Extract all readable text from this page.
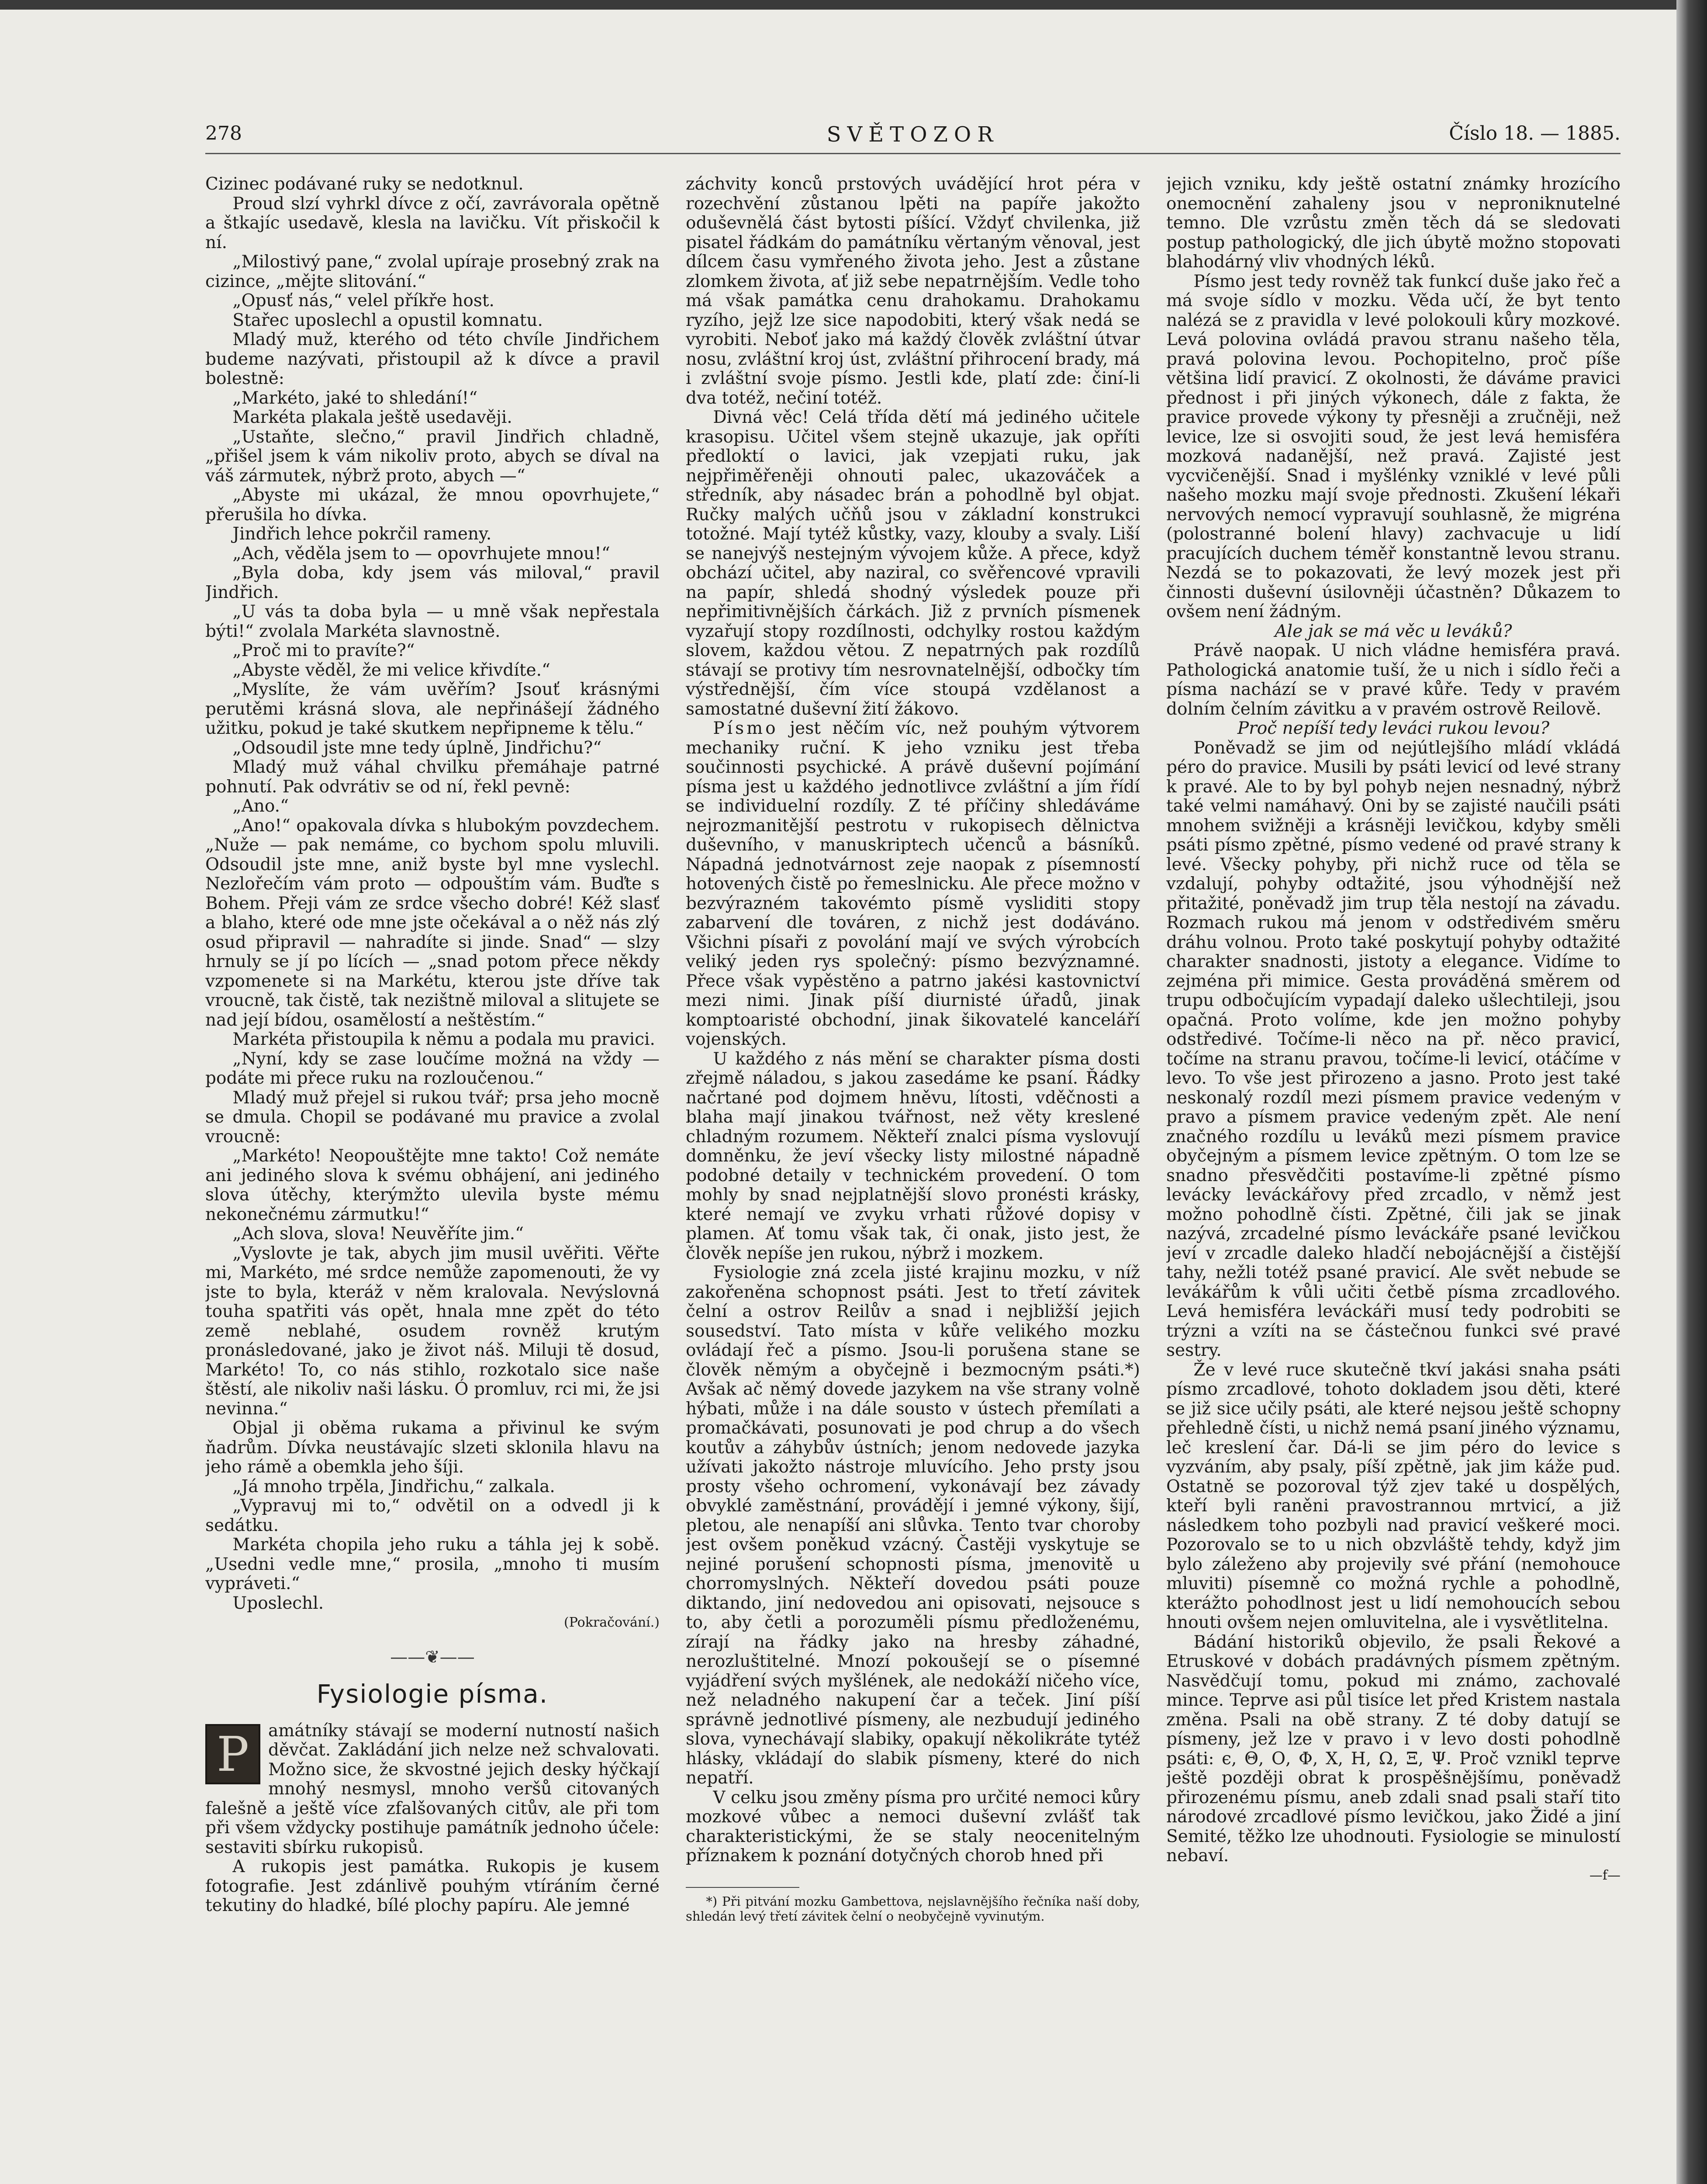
278	SVĚTOZOR	Číslo 18. — 1885.

Cizinec podávané ruky se nedotknul.

Proud slzí vyhrkl dívce z očí, zavrávorala opětně a štkajíc usedavě, klesla na lavičku. Vít přiskočil k ní.

„Milostivý pane,“ zvolal upíraje prosebný zrak na cizince, „mějte slitování.“

„Opusť nás,“ velel příkře host.

Stařec uposlechl a opustil komnatu.

Mladý muž, kterého od této chvíle Jindřichem budeme nazývati, přistoupil až k dívce a pravil bolestně:

„Markéto, jaké to shledání!“

Markéta plakala ještě usedavěji.

„Ustaňte, slečno,“ pravil Jindřich chladně, „přišel jsem k vám nikoliv proto, abych se díval na váš zármutek, nýbrž proto, abych —“

„Abyste mi ukázal, že mnou opovrhujete,“ přerušila ho dívka.

Jindřich lehce pokrčil rameny.

„Ach, věděla jsem to — opovrhujete mnou!“

„Byla doba, kdy jsem vás miloval,“ pravil Jindřich.

„U vás ta doba byla — u mně však nepřestala býti!“ zvolala Markéta slavnostně.

„Proč mi to pravíte?“

„Abyste věděl, že mi velice křivdíte.“

„Myslíte, že vám uvěřím? Jsouť krásnými perutěmi krásná slova, ale nepřinášejí žádného užitku, pokud je také skutkem nepřipneme k tělu.“

„Odsoudil jste mne tedy úplně, Jindřichu?“

Mladý muž váhal chvilku přemáhaje patrné pohnutí. Pak odvrátiv se od ní, řekl pevně:

„Ano.“

„Ano!“ opakovala dívka s hlubokým povzdechem. „Nuže — pak nemáme, co bychom spolu mluvili. Odsoudil jste mne, aniž byste byl mne vyslechl. Nezlořečím vám proto — odpouštím vám. Buďte s Bohem. Přeji vám ze srdce všecho dobré! Kéž slasť a blaho, které ode mne jste očekával a o něž nás zlý osud připravil — nahradíte si jinde. Snad“ — slzy hrnuly se jí po lících — „snad potom přece někdy vzpomenete si na Markétu, kterou jste dříve tak vroucně, tak čistě, tak nezištně miloval a slitujete se nad její bídou, osamělostí a neštěstím.“

Markéta přistoupila k němu a podala mu pravici.

„Nyní, kdy se zase loučíme možná na vždy — podáte mi přece ruku na rozloučenou.“

Mladý muž přejel si rukou tvář; prsa jeho mocně se dmula. Chopil se podávané mu pravice a zvolal vroucně:

„Markéto! Neopouštějte mne takto! Což nemáte ani jediného slova k svému obhájení, ani jediného slova útěchy, kterýmžto ulevila byste mému nekonečnému zármutku!“

„Ach slova, slova! Neuvěříte jim.“

„Vyslovte je tak, abych jim musil uvěřiti. Věřte mi, Markéto, mé srdce nemůže zapomenouti, že vy jste to byla, kteráž v něm kralovala. Nevýslovná touha spatřiti vás opět, hnala mne zpět do této země neblahé, osudem rovněž krutým pronásledované, jako je život náš. Miluji tě dosud, Markéto! To, co nás stihlo, rozkotalo sice naše štěstí, ale nikoliv naši lásku. Ó promluv, rci mi, že jsi nevinna.“

Objal ji oběma rukama a přivinul ke svým ňadrům. Dívka neustávajíc slzeti sklonila hlavu na jeho rámě a obemkla jeho šíji.

„Já mnoho trpěla, Jindřichu,“ zalkala.

„Vypravuj mi to,“ odvětil on a odvedl ji k sedátku.

Markéta chopila jeho ruku a táhla jej k sobě. „Usedni vedle mne,“ prosila, „mnoho ti musím vypráveti.“

Uposlechl.

(Pokračování.)

——❦——
Fysiologie písma.
P	amátníky stávají se moderní nutností našich děvčat. Zakládání jich nelze než schvalovati. Možno sice, že skvostné jejich desky hýčkají mnohý nesmysl, mnoho veršů citovaných falešně a ještě více zfalšovaných citův, ale při tom při všem vždycky postihuje památník jednoho účele: sestaviti sbírku rukopisů.

A rukopis jest památka. Rukopis je kusem fotografie. Jest zdánlivě pouhým vtíráním černé tekutiny do hladké, bílé plochy papíru. Ale jemné

záchvity konců prstových uvádějící hrot péra v rozechvění zůstanou lpěti na papíře jakožto oduševnělá část bytosti píšící. Vždyť chvilenka, již pisatel řádkám do památníku věrtaným věnoval, jest dílcem času vymřeného života jeho. Jest a zůstane zlomkem života, ať již sebe nepatrnějším. Vedle toho má však památka cenu drahokamu. Drahokamu ryzího, jejž lze sice napodobiti, který však nedá se vyrobiti. Neboť jako má každý člověk zvláštní útvar nosu, zvláštní kroj úst, zvláštní přihrocení brady, má i zvláštní svoje písmo. Jestli kde, platí zde: činí-li dva totéž, nečiní totéž.

Divná věc! Celá třída dětí má jediného učitele krasopisu. Učitel všem stejně ukazuje, jak opříti předloktí o lavici, jak vzepjati ruku, jak nejpřiměřeněji ohnouti palec, ukazováček a středník, aby násadec brán a pohodlně byl objat. Ručky malých učňů jsou v základní konstrukci totožné. Mají tytéž kůstky, vazy, klouby a svaly. Liší se nanejvýš nestejným vývojem kůže. A přece, když obchází učitel, aby naziral, co svěřencové vpravili na papír, shledá shodný výsledek pouze při nepřimitivnějších čárkách. Již z prvních písmenek vyzařují stopy rozdílnosti, odchylky rostou každým slovem, každou větou. Z nepatrných pak rozdílů stávají se protivy tím nesrovnatelnější, odbočky tím výstřednější, čím více stoupá vzdělanost a samostatné duševní žití žákovo.

Písmo jest něčím víc, než pouhým výtvorem mechaniky ruční. K jeho vzniku jest třeba součinnosti psychické. A právě duševní pojímání písma jest u každého jednotlivce zvláštní a jím řídí se individuelní rozdíly. Z té příčiny shledáváme nejrozmanitější pestrotu v rukopisech dělnictva duševního, v manuskriptech učenců a básníků. Nápadná jednotvárnost zeje naopak z písemností hotovených čistě po řemeslnicku. Ale přece možno v bezvýrazném takovémto písmě vysliditi stopy zabarvení dle továren, z nichž jest dodáváno. Všichni písaři z povolání mají ve svých výrobcích veliký jeden rys společný: písmo bezvýznamné. Přece však vypěstěno a patrno jakési kastovnictví mezi nimi. Jinak píší diurnisté úřadů, jinak komptoaristé obchodní, jinak šikovatelé kanceláří vojenských.

U každého z nás mění se charakter písma dosti zřejmě náladou, s jakou zasedáme ke psaní. Řádky načrtané pod dojmem hněvu, lítosti, vděčnosti a blaha mají jinakou tvářnost, než věty kreslené chladným rozumem. Někteří znalci písma vyslovují domněnku, že jeví všecky listy milostné nápadně podobné detaily v technickém provedení. O tom mohly by snad nejplatnější slovo pronésti krásky, které nemají ve zvyku vrhati růžové dopisy v plamen. Ať tomu však tak, či onak, jisto jest, že člověk nepíše jen rukou, nýbrž i mozkem.

Fysiologie zná zcela jisté krajinu mozku, v níž zakořeněna schopnost psáti. Jest to třetí závitek čelní a ostrov Reilův a snad i nejbližší jejich sousedství. Tato místa v kůře velikého mozku ovládají řeč a písmo. Jsou-li porušena stane se člověk němým a obyčejně i bezmocným psáti.*) Avšak ač němý dovede jazykem na vše strany volně hýbati, může i na dále sousto v ústech přemílati a promačkávati, posunovati je pod chrup a do všech koutův a záhybův ústních; jenom nedovede jazyka užívati jakožto nástroje mluvícího. Jeho prsty jsou prosty všeho ochromení, vykonávají bez závady obvyklé zaměstnání, provádějí i jemné výkony, šijí, pletou, ale nenapíší ani slůvka. Tento tvar choroby jest ovšem poněkud vzácný. Častěji vyskytuje se nejiné porušení schopnosti písma, jmenovitě u chorromyslných. Někteří dovedou psáti pouze diktando, jiní nedovedou ani opisovati, nejsouce s to, aby četli a porozuměli písmu předloženému, zírají na řádky jako na hresby záhadné, nerozluštitelné. Mnozí pokoušejí se o písemné vyjádření svých myšlének, ale nedokáží ničeho více, než neladného nakupení čar a teček. Jiní píší správně jednotlivé písmeny, ale nezbudují jediného slova, vynechávají slabiky, opakují několikráte tytéž hlásky, vkládají do slabik písmeny, které do nich nepatří.

V celku jsou změny písma pro určité nemoci kůry mozkové vůbec a nemoci duševní zvlášť tak charakteristickými, že se staly neocenitelným příznakem k poznání dotyčných chorob hned při

*) Při pitvání mozku Gambettova, nejslavnějšího řečníka naší doby, shledán levý třetí závitek čelní o neobyčejně vyvinutým.

jejich vzniku, kdy ještě ostatní známky hrozícího onemocnění zahaleny jsou v neproniknutelné temno. Dle vzrůstu změn těch dá se sledovati postup pathologický, dle jich úbytě možno stopovati blahodárný vliv vhodných léků.

Písmo jest tedy rovněž tak funkcí duše jako řeč a má svoje sídlo v mozku. Věda učí, že byt tento nalézá se z pravidla v levé polokouli kůry mozkové. Levá polovina ovládá pravou stranu našeho těla, pravá polovina levou. Pochopitelno, proč píše většina lidí pravicí. Z okolnosti, že dáváme pravici přednost i při jiných výkonech, dále z fakta, že pravice provede výkony ty přesněji a zručněji, než levice, lze si osvojiti soud, že jest levá hemisféra mozková nadanější, než pravá. Zajisté jest vycvičenější. Snad i myšlénky vzniklé v levé půli našeho mozku mají svoje přednosti. Zkušení lékaři nervových nemocí vypravují souhlasně, že migréna (polostranné bolení hlavy) zachvacuje u lidí pracujících duchem téměř konstantně levou stranu. Nezdá se to pokazovati, že levý mozek jest při činnosti duševní úsilovněji účastněn? Důkazem to ovšem není žádným.

Ale jak se má věc u leváků?

Právě naopak. U nich vládne hemisféra pravá. Pathologická anatomie tuší, že u nich i sídlo řeči a písma nachází se v pravé kůře. Tedy v pravém dolním čelním závitku a v pravém ostrově Reilově.

Proč nepíší tedy leváci rukou levou?

Poněvadž se jim od nejútlejšího mládí vkládá péro do pravice. Musili by psáti levicí od levé strany k pravé. Ale to by byl pohyb nejen nesnadný, nýbrž také velmi namáhavý. Oni by se zajisté naučili psáti mnohem svižněji a krásněji levičkou, kdyby směli psáti písmo zpětné, písmo vedené od pravé strany k levé. Všecky pohyby, při nichž ruce od těla se vzdalují, pohyby odtažité, jsou výhodnější než přitažité, poněvadž jim trup těla nestojí na závadu. Rozmach rukou má jenom v odstředivém směru dráhu volnou. Proto také poskytují pohyby odtažité charakter snadnosti, jistoty a elegance. Vidíme to zejména při mimice. Gesta prováděná směrem od trupu odbočujícím vypadají daleko ušlechtileji, jsou opačná. Proto volíme, kde jen možno pohyby odstředivé. Točíme-li něco na př. něco pravicí, točíme na stranu pravou, točíme-li levicí, otáčíme v levo. To vše jest přirozeno a jasno. Proto jest také neskonalý rozdíl mezi písmem pravice vedeným v pravo a písmem pravice vedeným zpět. Ale není značného rozdílu u leváků mezi písmem pravice obyčejným a písmem levice zpětným. O tom lze se snadno přesvědčiti postavíme-li zpětné písmo levácky leváckářovy před zrcadlo, v němž jest možno pohodlně čísti. Zpětné, čili jak se jinak nazývá, zrcadelné písmo leváckáře psané levičkou jeví v zrcadle daleko hladčí nebojácnější a čistější tahy, nežli totéž psané pravicí. Ale svět nebude se levákářům k vůli učiti četbě písma zrcadlového. Levá hemisféra leváckáři musí tedy podrobiti se trýzni a vzíti na se částečnou funkci své pravé sestry.

Že v levé ruce skutečně tkví jakási snaha psáti písmo zrcadlové, tohoto dokladem jsou děti, které se již sice učily psáti, ale které nejsou ještě schopny přehledně čísti, u nichž nemá psaní jiného významu, leč kreslení čar. Dá-li se jim péro do levice s vyzváním, aby psaly, píší zpětně, jak jim káže pud. Ostatně se pozoroval týž zjev také u dospělých, kteří byli raněni pravostrannou mrtvicí, a již následkem toho pozbyli nad pravicí veškeré moci. Pozorovalo se to u nich obzvláště tehdy, když jim bylo záleženo aby projevily své přání (nemohouce mluviti) písemně co možná rychle a pohodlně, kterážto pohodlnost jest u lidí nemohoucích sebou hnouti ovšem nejen omluvitelna, ale i vysvětlitelna.

Bádání historiků objevilo, že psali Řekové a Etruskové v dobách pradávných písmem zpětným. Nasvědčují tomu, pokud mi známo, zachovalé mince. Teprve asi půl tisíce let před Kristem nastala změna. Psali na obě strany. Z té doby datují se písmeny, jež lze v pravo i v levo dosti pohodlně psáti: ϵ, Θ, Ο, Φ, Χ, Η, Ω, Ξ, Ψ. Proč vznikl teprve ještě později obrat k prospěšnějšímu, poněvadž přirozenému písmu, aneb zdali snad psali staří tito národové zrcadlové písmo levičkou, jako Židé a jiní Semité, těžko lze uhodnouti. Fysiologie se minulostí nebaví.

—f—
